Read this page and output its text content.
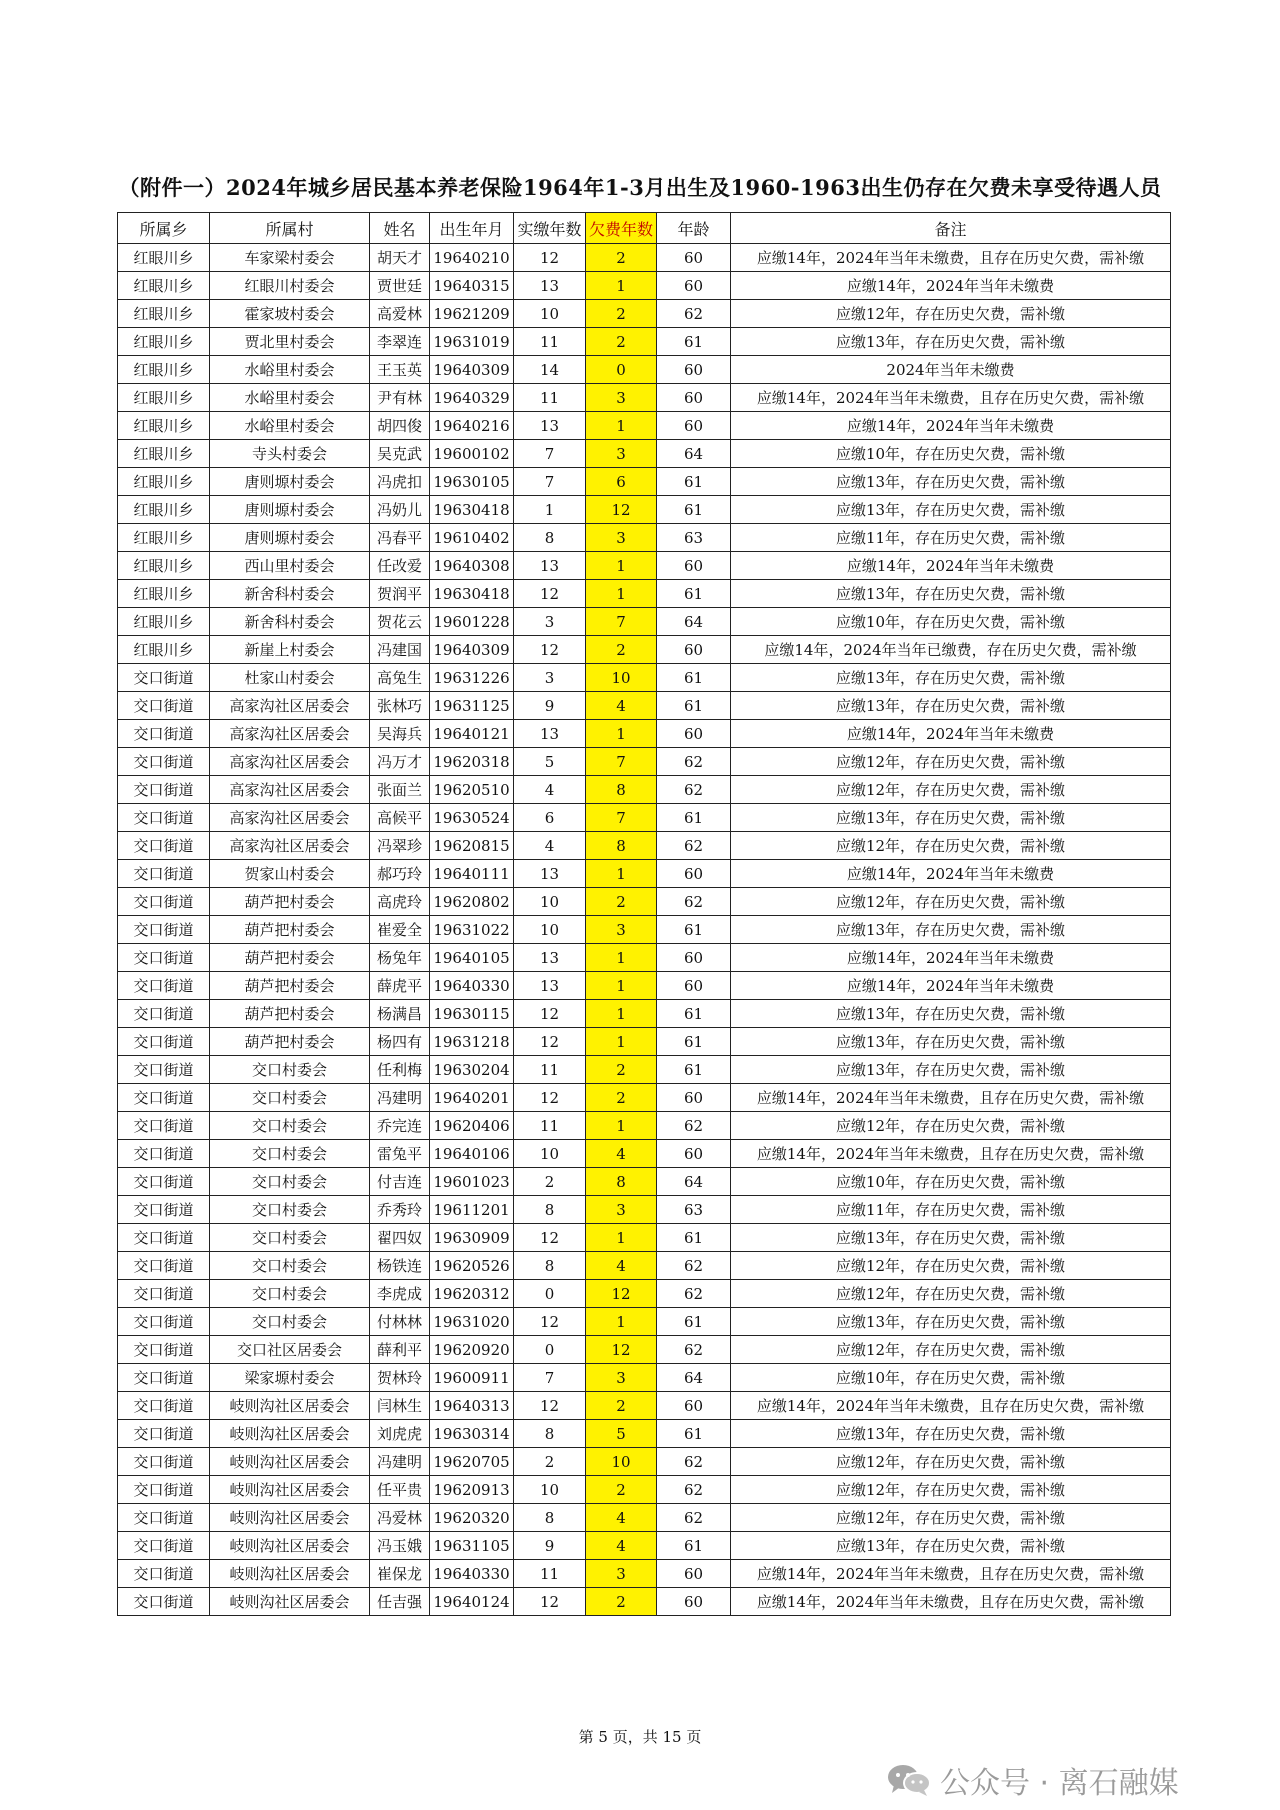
（附件一）2024年城乡居民基本养老保险1964年1-3月出生及1960-1963出生仍存在欠费未享受待遇人员
所属乡	所属村	姓名	出生年月	实缴年数	欠费年数	年龄	备注
红眼川乡	车家梁村委会	胡天才	19640210	12	2	60	应缴14年，2024年当年未缴费，且存在历史欠费，需补缴
红眼川乡	红眼川村委会	贾世廷	19640315	13	1	60	应缴14年，2024年当年未缴费
红眼川乡	霍家坡村委会	高爱林	19621209	10	2	62	应缴12年，存在历史欠费，需补缴
红眼川乡	贾北里村委会	李翠连	19631019	11	2	61	应缴13年，存在历史欠费，需补缴
红眼川乡	水峪里村委会	王玉英	19640309	14	0	60	2024年当年未缴费
红眼川乡	水峪里村委会	尹有林	19640329	11	3	60	应缴14年，2024年当年未缴费，且存在历史欠费，需补缴
红眼川乡	水峪里村委会	胡四俊	19640216	13	1	60	应缴14年，2024年当年未缴费
红眼川乡	寺头村委会	吴克武	19600102	7	3	64	应缴10年，存在历史欠费，需补缴
红眼川乡	唐则塬村委会	冯虎扣	19630105	7	6	61	应缴13年，存在历史欠费，需补缴
红眼川乡	唐则塬村委会	冯奶儿	19630418	1	12	61	应缴13年，存在历史欠费，需补缴
红眼川乡	唐则塬村委会	冯春平	19610402	8	3	63	应缴11年，存在历史欠费，需补缴
红眼川乡	西山里村委会	任改爱	19640308	13	1	60	应缴14年，2024年当年未缴费
红眼川乡	新舍科村委会	贺润平	19630418	12	1	61	应缴13年，存在历史欠费，需补缴
红眼川乡	新舍科村委会	贺花云	19601228	3	7	64	应缴10年，存在历史欠费，需补缴
红眼川乡	新崖上村委会	冯建国	19640309	12	2	60	应缴14年，2024年当年已缴费，存在历史欠费，需补缴
交口街道	杜家山村委会	高兔生	19631226	3	10	61	应缴13年，存在历史欠费，需补缴
交口街道	高家沟社区居委会	张林巧	19631125	9	4	61	应缴13年，存在历史欠费，需补缴
交口街道	高家沟社区居委会	吴海兵	19640121	13	1	60	应缴14年，2024年当年未缴费
交口街道	高家沟社区居委会	冯万才	19620318	5	7	62	应缴12年，存在历史欠费，需补缴
交口街道	高家沟社区居委会	张面兰	19620510	4	8	62	应缴12年，存在历史欠费，需补缴
交口街道	高家沟社区居委会	高候平	19630524	6	7	61	应缴13年，存在历史欠费，需补缴
交口街道	高家沟社区居委会	冯翠珍	19620815	4	8	62	应缴12年，存在历史欠费，需补缴
交口街道	贺家山村委会	郝巧玲	19640111	13	1	60	应缴14年，2024年当年未缴费
交口街道	葫芦把村委会	高虎玲	19620802	10	2	62	应缴12年，存在历史欠费，需补缴
交口街道	葫芦把村委会	崔爱全	19631022	10	3	61	应缴13年，存在历史欠费，需补缴
交口街道	葫芦把村委会	杨兔年	19640105	13	1	60	应缴14年，2024年当年未缴费
交口街道	葫芦把村委会	薛虎平	19640330	13	1	60	应缴14年，2024年当年未缴费
交口街道	葫芦把村委会	杨满昌	19630115	12	1	61	应缴13年，存在历史欠费，需补缴
交口街道	葫芦把村委会	杨四有	19631218	12	1	61	应缴13年，存在历史欠费，需补缴
交口街道	交口村委会	任利梅	19630204	11	2	61	应缴13年，存在历史欠费，需补缴
交口街道	交口村委会	冯建明	19640201	12	2	60	应缴14年，2024年当年未缴费，且存在历史欠费，需补缴
交口街道	交口村委会	乔完连	19620406	11	1	62	应缴12年，存在历史欠费，需补缴
交口街道	交口村委会	雷兔平	19640106	10	4	60	应缴14年，2024年当年未缴费，且存在历史欠费，需补缴
交口街道	交口村委会	付吉连	19601023	2	8	64	应缴10年，存在历史欠费，需补缴
交口街道	交口村委会	乔秀玲	19611201	8	3	63	应缴11年，存在历史欠费，需补缴
交口街道	交口村委会	翟四奴	19630909	12	1	61	应缴13年，存在历史欠费，需补缴
交口街道	交口村委会	杨铁连	19620526	8	4	62	应缴12年，存在历史欠费，需补缴
交口街道	交口村委会	李虎成	19620312	0	12	62	应缴12年，存在历史欠费，需补缴
交口街道	交口村委会	付林林	19631020	12	1	61	应缴13年，存在历史欠费，需补缴
交口街道	交口社区居委会	薛利平	19620920	0	12	62	应缴12年，存在历史欠费，需补缴
交口街道	梁家塬村委会	贺林玲	19600911	7	3	64	应缴10年，存在历史欠费，需补缴
交口街道	岐则沟社区居委会	闫林生	19640313	12	2	60	应缴14年，2024年当年未缴费，且存在历史欠费，需补缴
交口街道	岐则沟社区居委会	刘虎虎	19630314	8	5	61	应缴13年，存在历史欠费，需补缴
交口街道	岐则沟社区居委会	冯建明	19620705	2	10	62	应缴12年，存在历史欠费，需补缴
交口街道	岐则沟社区居委会	任平贵	19620913	10	2	62	应缴12年，存在历史欠费，需补缴
交口街道	岐则沟社区居委会	冯爱林	19620320	8	4	62	应缴12年，存在历史欠费，需补缴
交口街道	岐则沟社区居委会	冯玉娥	19631105	9	4	61	应缴13年，存在历史欠费，需补缴
交口街道	岐则沟社区居委会	崔保龙	19640330	11	3	60	应缴14年，2024年当年未缴费，且存在历史欠费，需补缴
交口街道	岐则沟社区居委会	任吉强	19640124	12	2	60	应缴14年，2024年当年未缴费，且存在历史欠费，需补缴
第 5 页，共 15 页
公众号 · 离石融媒
